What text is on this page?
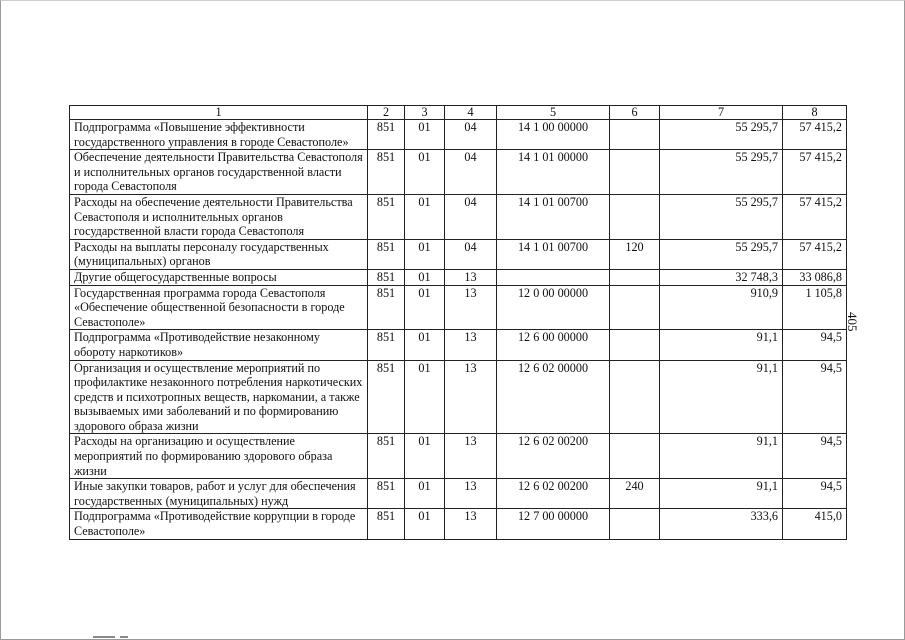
1	2	3	4	5	6	7	8
Подпрограмма «Повышение эффективности государственного управления в городе Севастополе»	851	01	04	14 1 00 00000		55 295,7	57 415,2
Обеспечение деятельности Правительства Севастополя и исполнительных органов государственной власти города Севастополя	851	01	04	14 1 01 00000		55 295,7	57 415,2
Расходы на обеспечение деятельности Правительства Севастополя и исполнительных органов государственной власти города Севастополя	851	01	04	14 1 01 00700		55 295,7	57 415,2
Расходы на выплаты персоналу государственных (муниципальных) органов	851	01	04	14 1 01 00700	120	55 295,7	57 415,2
Другие общегосударственные вопросы	851	01	13			32 748,3	33 086,8
Государственная программа города Севастополя «Обеспечение общественной безопасности в городе Севастополе»	851	01	13	12 0 00 00000		910,9	1 105,8
Подпрограмма «Противодействие незаконному обороту наркотиков»	851	01	13	12 6 00 00000		91,1	94,5
Организация и осуществление мероприятий по профилактике незаконного потребления наркотических средств и психотропных веществ, наркомании, а также вызываемых ими заболеваний и по формированию здорового образа жизни	851	01	13	12 6 02 00000		91,1	94,5
Расходы на организацию и осуществление мероприятий по формированию здорового образа жизни	851	01	13	12 6 02 00200		91,1	94,5
Иные закупки товаров, работ и услуг для обеспечения государственных (муниципальных) нужд	851	01	13	12 6 02 00200	240	91,1	94,5
Подпрограмма «Противодействие коррупции в городе Севастополе»	851	01	13	12 7 00 00000		333,6	415,0
405
